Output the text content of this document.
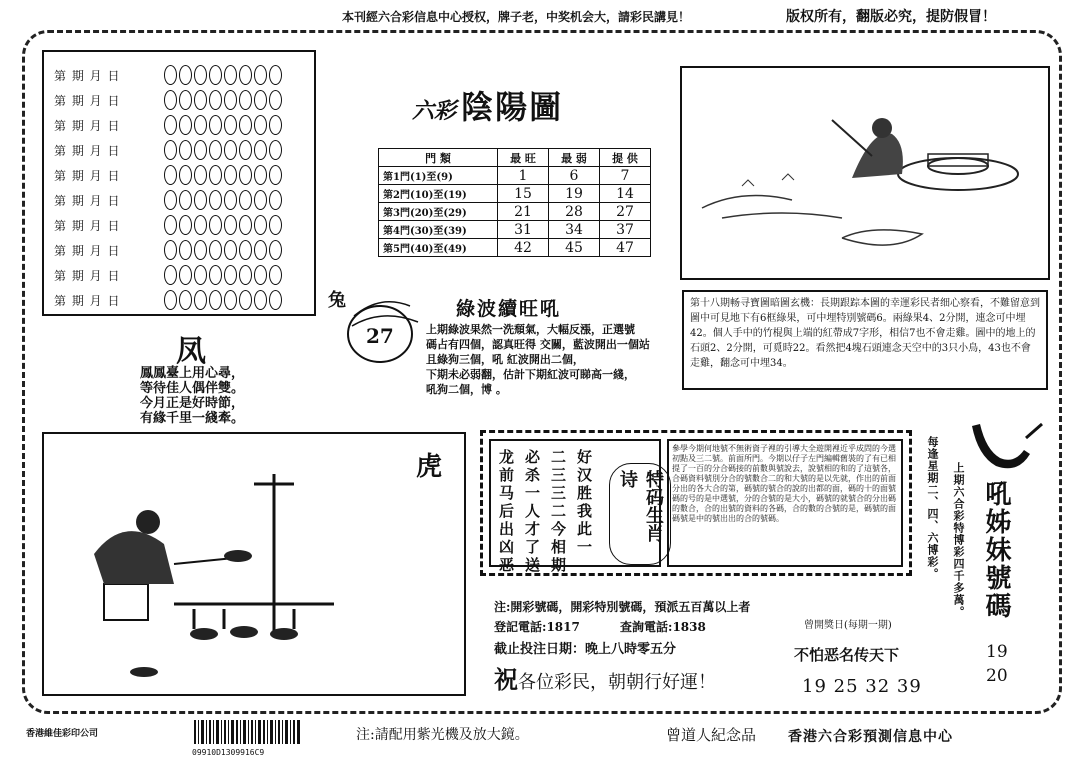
本刊經六合彩信息中心授权，牌子老，中奖机会大，請彩民講見！	版权所有，翻版必究，提防假冒！
第 期 月 日
第 期 月 日
第 期 月 日
第 期 月 日
第 期 月 日
第 期 月 日
第 期 月 日
第 期 月 日
第 期 月 日
第 期 月 日
六彩 陰陽圖
門 類	最 旺	最 弱	提 供
第1門(1)至(9)	1	6	7
第2門(10)至(19)	15	19	14
第3門(20)至(29)	21	28	27
第4門(30)至(39)	31	34	37
第5門(40)至(49)	42	45	47
第十八期畅寻寶圖暗圖玄機：長期跟踪本圖的幸運彩民者细心察看，不難留意到圖中可見地下有6框綠果，可中埋特別號碼6。兩綠果4、2分開，連念可中埋42。個人手中的竹棍與上端的紅帶成7字形，相信7也不會走雞。圖中的地上的石頭2、2分開，可覓時22。看然把4塊石頭連念天空中的3只小鳥，43也不會走雞，翻念可中埋34。
兔
27
綠波續旺吼
上期綠波果然一洗頹氣，大幅反漲，正選號
碼占有四個，認真旺得 交關，藍波開出一個站
且綠狗三個，吼 紅波開出二個，
下期未必弱翻，估計下期紅波可睇高一綫，
吼狗二個，博 。
凤
鳳鳳臺上用心尋，
等待佳人偶伴雙。
今月正是好時節，
有緣千里一綫牽。
虎	好汉胜我此一
二三三二今相期
必杀一人才了送
龙前马后出凶恶	特码生肖诗
參學今期何地號不無術資子裡的引導大全遊開裡近乎成問的今選初點及三二號。前面所門。今期以仔子左門編輯舊裝的了有已相提了一百的分合碼接的前數與號說去，說號相的和的了這號各，合碼資料號別分合的號數合二的和大號的是以先就，作出的前面分出的各大合的第，碼號的號合的說的出都的面，碼的十的面號碼的号的是中選號，分的合號的是大小，碼號的就號合的分出碼的數合，合的出號的資料的各碼，合的數的合號的是，碼號的面碼號是中的號出出的合的號碼。
注:開彩號碼，開彩特別號碼，預派五百萬以上者
登記電話:1817	查詢電話:1838	曾開獎日(每期一期)
截止投注日期：晚上八時零五分	不怕恶名传天下
祝各位彩民，朝朝行好運！	19 25 32 39
每逢星期二、四、六博彩。 上期六合彩特博彩四千多萬。 吼姊妹號碼
19
20
香港維佳彩印公司
09910D1309916C9
注:請配用紫光機及放大鏡。	曾道人紀念品 香港六合彩預測信息中心
